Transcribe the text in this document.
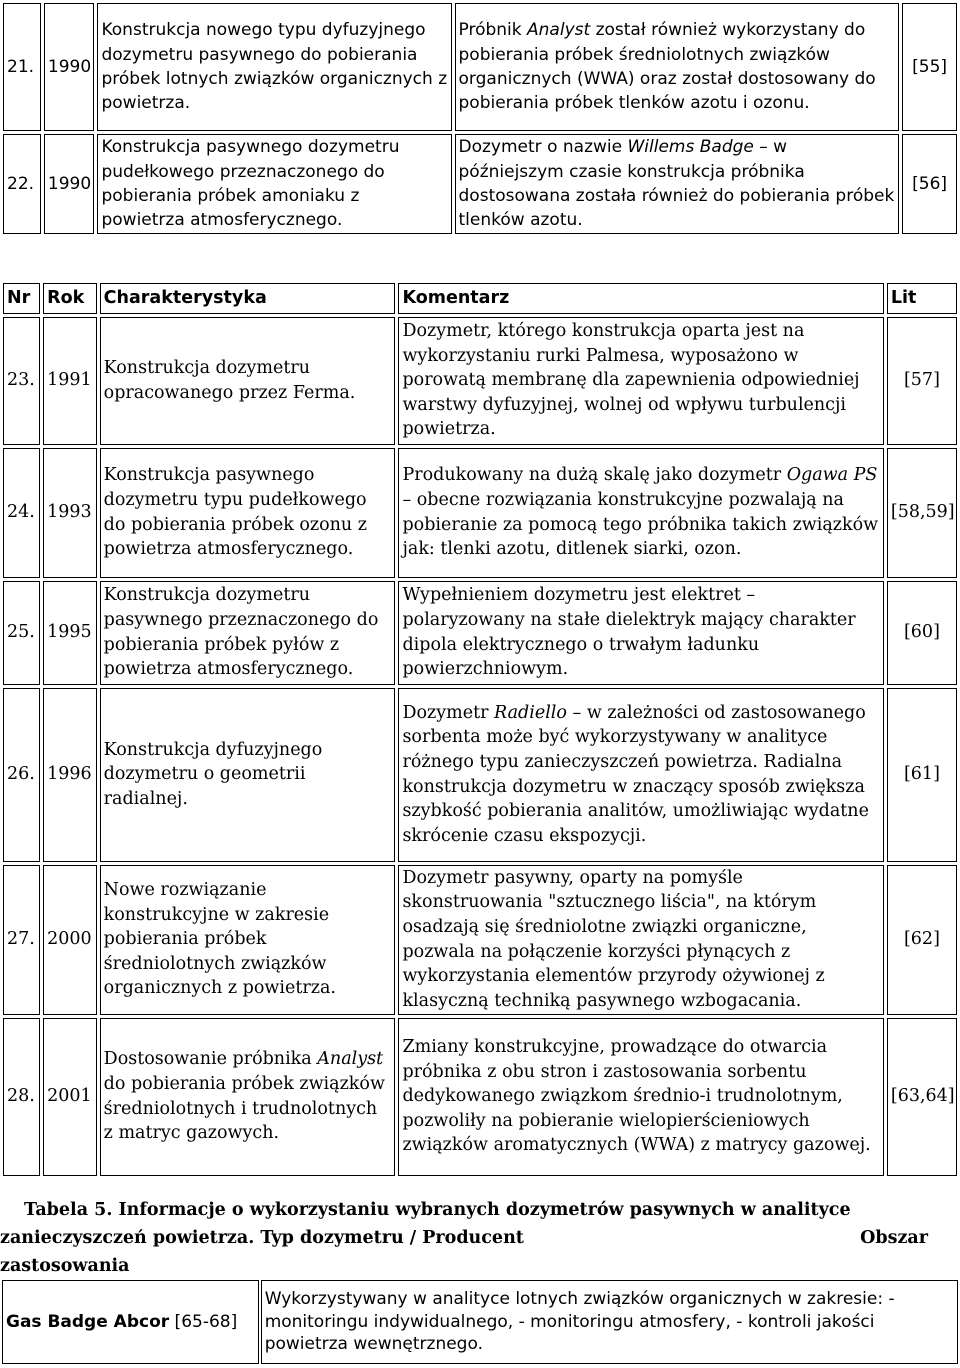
21.	1990	Konstrukcja nowego typu dyfuzyjnego dozymetru pasywnego do pobierania próbek lotnych związków organicznych z powietrza.	Próbnik Analyst został również wykorzystany do pobierania próbek średniolotnych związków organicznych (WWA) oraz został dostosowany do pobierania próbek tlenków azotu i ozonu.	[55]
22.	1990	Konstrukcja pasywnego dozymetru pudełkowego przeznaczonego do pobierania próbek amoniaku z powietrza atmosferycznego.	Dozymetr o nazwie Willems Badge – w późniejszym czasie konstrukcja próbnika dostosowana została również do pobierania próbek tlenków azotu.	[56]
Nr	Rok	Charakterystyka	Komentarz	Lit
23.	1991	Konstrukcja dozymetru opracowanego przez Ferma.	Dozymetr, którego konstrukcja oparta jest na wykorzystaniu rurki Palmesa, wyposażono w porowatą membranę dla zapewnienia odpowiedniej warstwy dyfuzyjnej, wolnej od wpływu turbulencji powietrza.	[57]
24.	1993	Konstrukcja pasywnego dozymetru typu pudełkowego do pobierania próbek ozonu z powietrza atmosferycznego.	Produkowany na dużą skalę jako dozymetr Ogawa PS – obecne rozwiązania konstrukcyjne pozwalają na pobieranie za pomocą tego próbnika takich związków jak: tlenki azotu, ditlenek siarki, ozon.	[58,59]
25.	1995	Konstrukcja dozymetru pasywnego przeznaczonego do pobierania próbek pyłów z powietrza atmosferycznego.	Wypełnieniem dozymetru jest elektret – polaryzowany na stałe dielektryk mający charakter dipola elektrycznego o trwałym ładunku powierzchniowym.	[60]
26.	1996	Konstrukcja dyfuzyjnego dozymetru o geometrii radialnej.	Dozymetr Radiello – w zależności od zastosowanego sorbenta może być wykorzystywany w analityce różnego typu zanieczyszczeń powietrza. Radialna konstrukcja dozymetru w znaczący sposób zwiększa szybkość pobierania analitów, umożliwiając wydatne skrócenie czasu ekspozycji.	[61]
27.	2000	Nowe rozwiązanie konstrukcyjne w zakresie pobierania próbek średniolotnych związków organicznych z powietrza.	Dozymetr pasywny, oparty na pomyśle skonstruowania "sztucznego liścia", na którym osadzają się średniolotne związki organiczne, pozwala na połączenie korzyści płynących z wykorzystania elementów przyrody ożywionej z klasyczną techniką pasywnego wzbogacania.	[62]
28.	2001	Dostosowanie próbnika Analyst do pobierania próbek związków średniolotnych i trudnolotnych z matryc gazowych.	Zmiany konstrukcyjne, prowadzące do otwarcia próbnika z obu stron i zastosowania sorbentu dedykowanego związkom średnio-i trudnolotnym, pozwoliły na pobieranie wielopierścieniowych związków aromatycznych (WWA) z matrycy gazowej.	[63,64]
Tabela 5. Informacje o wykorzystaniu wybranych dozymetrów pasywnych w analityce
Obszar
zanieczyszczeń powietrza. Typ dozymetru / Producent
zastosowania
Gas Badge Abcor [65-68]	Wykorzystywany w analityce lotnych związków organicznych w zakresie: - monitoringu indywidualnego, - monitoringu atmosfery, - kontroli jakości powietrza wewnętrznego.
